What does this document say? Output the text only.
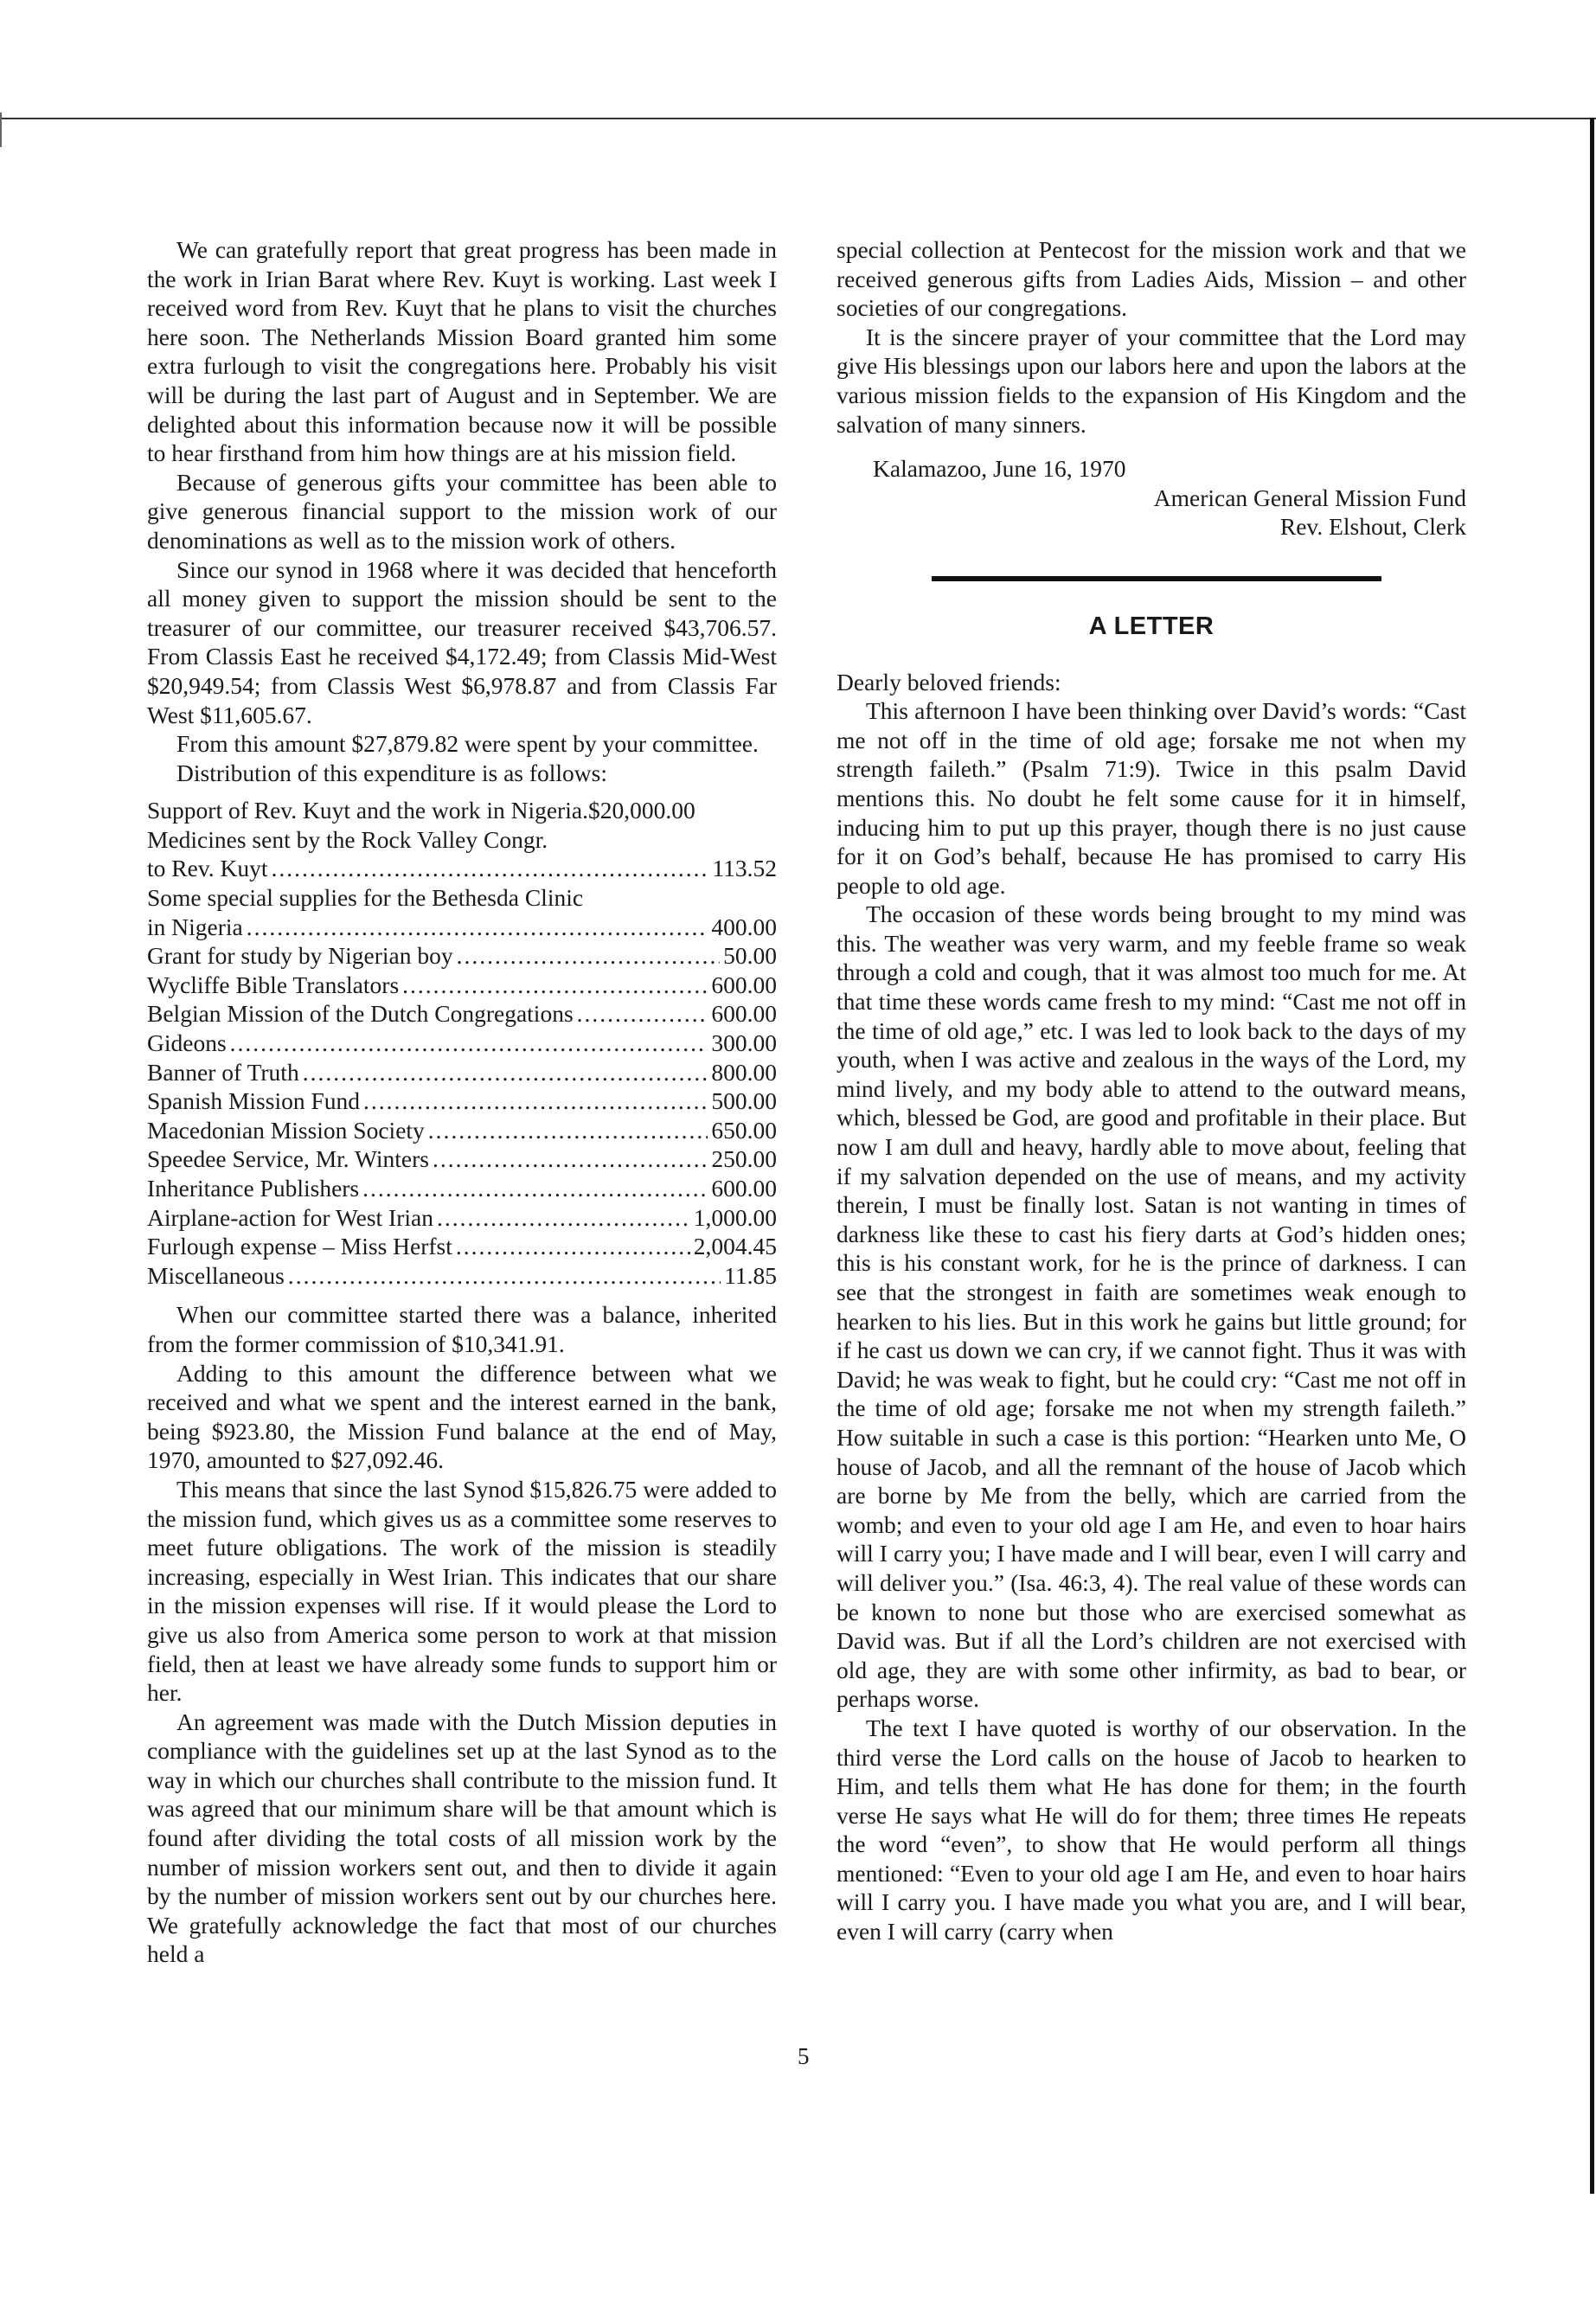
We can gratefully report that great progress has been made in the work in Irian Barat where Rev. Kuyt is working. Last week I received word from Rev. Kuyt that he plans to visit the churches here soon. The Netherlands Mission Board granted him some extra furlough to visit the congregations here. Probably his visit will be during the last part of August and in September. We are delighted about this information because now it will be possible to hear firsthand from him how things are at his mission field.

Because of generous gifts your committee has been able to give generous financial support to the mission work of our denominations as well as to the mission work of others.

Since our synod in 1968 where it was decided that henceforth all money given to support the mission should be sent to the treasurer of our committee, our treasurer received $43,706.57. From Classis East he received $4,172.49; from Classis Mid-West $20,949.54; from Classis West $6,978.87 and from Classis Far West $11,605.67.

From this amount $27,879.82 were spent by your committee.

Distribution of this expenditure is as follows:

Support of Rev. Kuyt and the work in Nigeria .$20,000.00
Medicines sent by the Rock Valley Congr.
to Rev. Kuyt .....	113.52
Some special supplies for the Bethesda Clinic
in Nigeria .....	400.00
Grant for study by Nigerian boy .....	50.00
Wycliffe Bible Translators .....	600.00
Belgian Mission of the Dutch Congregations .....	600.00
Gideons .....	300.00
Banner of Truth .....	800.00
Spanish Mission Fund .....	500.00
Macedonian Mission Society .....	650.00
Speedee Service, Mr. Winters .....	250.00
Inheritance Publishers .....	600.00
Airplane-action for West Irian .....	1,000.00
Furlough expense – Miss Herfst .....	2,004.45
Miscellaneous .....	11.85

When our committee started there was a balance, inherited from the former commission of $10,341.91.

Adding to this amount the difference between what we received and what we spent and the interest earned in the bank, being $923.80, the Mission Fund balance at the end of May, 1970, amounted to $27,092.46.

This means that since the last Synod $15,826.75 were added to the mission fund, which gives us as a committee some reserves to meet future obligations. The work of the mission is steadily increasing, especially in West Irian. This indicates that our share in the mission expenses will rise. If it would please the Lord to give us also from America some person to work at that mission field, then at least we have already some funds to support him or her.

An agreement was made with the Dutch Mission deputies in compliance with the guidelines set up at the last Synod as to the way in which our churches shall contribute to the mission fund. It was agreed that our minimum share will be that amount which is found after dividing the total costs of all mission work by the number of mission workers sent out, and then to divide it again by the number of mission workers sent out by our churches here. We gratefully acknowledge the fact that most of our churches held a

special collection at Pentecost for the mission work and that we received generous gifts from Ladies Aids, Mission – and other societies of our congregations.

It is the sincere prayer of your committee that the Lord may give His blessings upon our labors here and upon the labors at the various mission fields to the expansion of His Kingdom and the salvation of many sinners.

Kalamazoo, June 16, 1970
American General Mission Fund
Rev. Elshout, Clerk
A LETTER

Dearly beloved friends:

This afternoon I have been thinking over David’s words: “Cast me not off in the time of old age; forsake me not when my strength faileth.” (Psalm 71:9). Twice in this psalm David mentions this. No doubt he felt some cause for it in himself, inducing him to put up this prayer, though there is no just cause for it on God’s behalf, because He has promised to carry His people to old age.

The occasion of these words being brought to my mind was this. The weather was very warm, and my feeble frame so weak through a cold and cough, that it was almost too much for me. At that time these words came fresh to my mind: “Cast me not off in the time of old age,” etc. I was led to look back to the days of my youth, when I was active and zealous in the ways of the Lord, my mind lively, and my body able to attend to the outward means, which, blessed be God, are good and profitable in their place. But now I am dull and heavy, hardly able to move about, feeling that if my salvation depended on the use of means, and my activity therein, I must be finally lost. Satan is not wanting in times of darkness like these to cast his fiery darts at God’s hidden ones; this is his constant work, for he is the prince of darkness. I can see that the strongest in faith are sometimes weak enough to hearken to his lies. But in this work he gains but little ground; for if he cast us down we can cry, if we cannot fight. Thus it was with David; he was weak to fight, but he could cry: “Cast me not off in the time of old age; forsake me not when my strength faileth.” How suitable in such a case is this portion: “Hearken unto Me, O house of Jacob, and all the remnant of the house of Jacob which are borne by Me from the belly, which are carried from the womb; and even to your old age I am He, and even to hoar hairs will I carry you; I have made and I will bear, even I will carry and will deliver you.” (Isa. 46:3, 4). The real value of these words can be known to none but those who are exercised somewhat as David was. But if all the Lord’s children are not exercised with old age, they are with some other infirmity, as bad to bear, or perhaps worse.

The text I have quoted is worthy of our observation. In the third verse the Lord calls on the house of Jacob to hearken to Him, and tells them what He has done for them; in the fourth verse He says what He will do for them; three times He repeats the word “even”, to show that He would perform all things mentioned: “Even to your old age I am He, and even to hoar hairs will I carry you. I have made you what you are, and I will bear, even I will carry (carry when

5
